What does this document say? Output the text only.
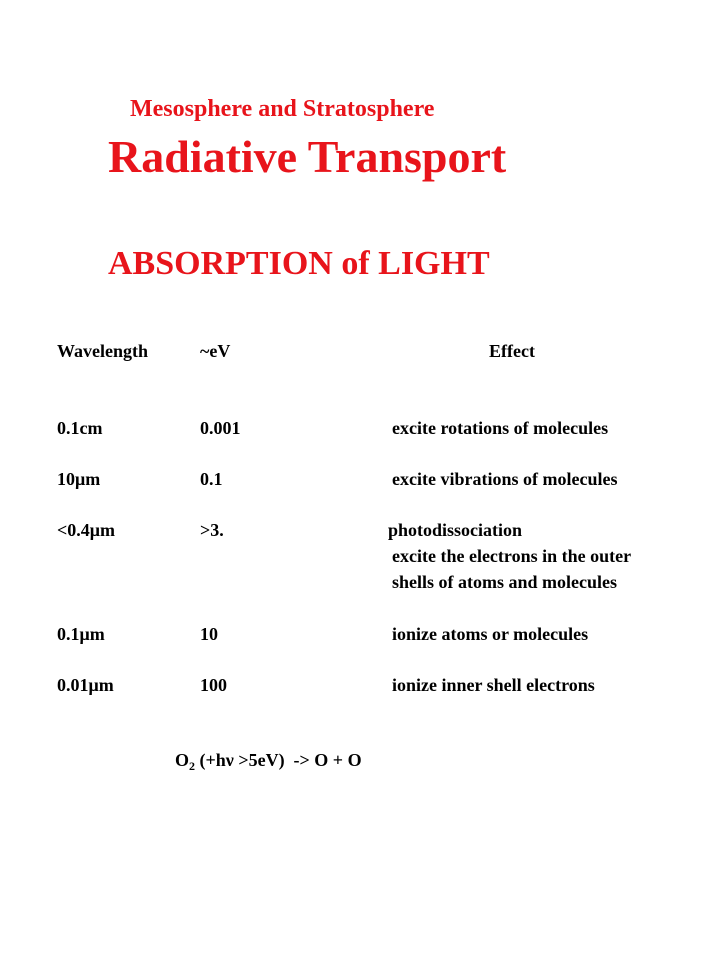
Mesosphere and Stratosphere
Radiative Transport
ABSORPTION of LIGHT
Wavelength	~eV	Effect
0.1cm	0.001	excite rotations of molecules
10μm	0.1	excite vibrations of molecules
<0.4μm	>3.	photodissociation
excite the electrons in the outer
shells of atoms and molecules
0.1μm	10	ionize atoms or molecules
0.01μm	100	ionize inner shell electrons
$O_2$ (+hν >5eV)  -> O + O
